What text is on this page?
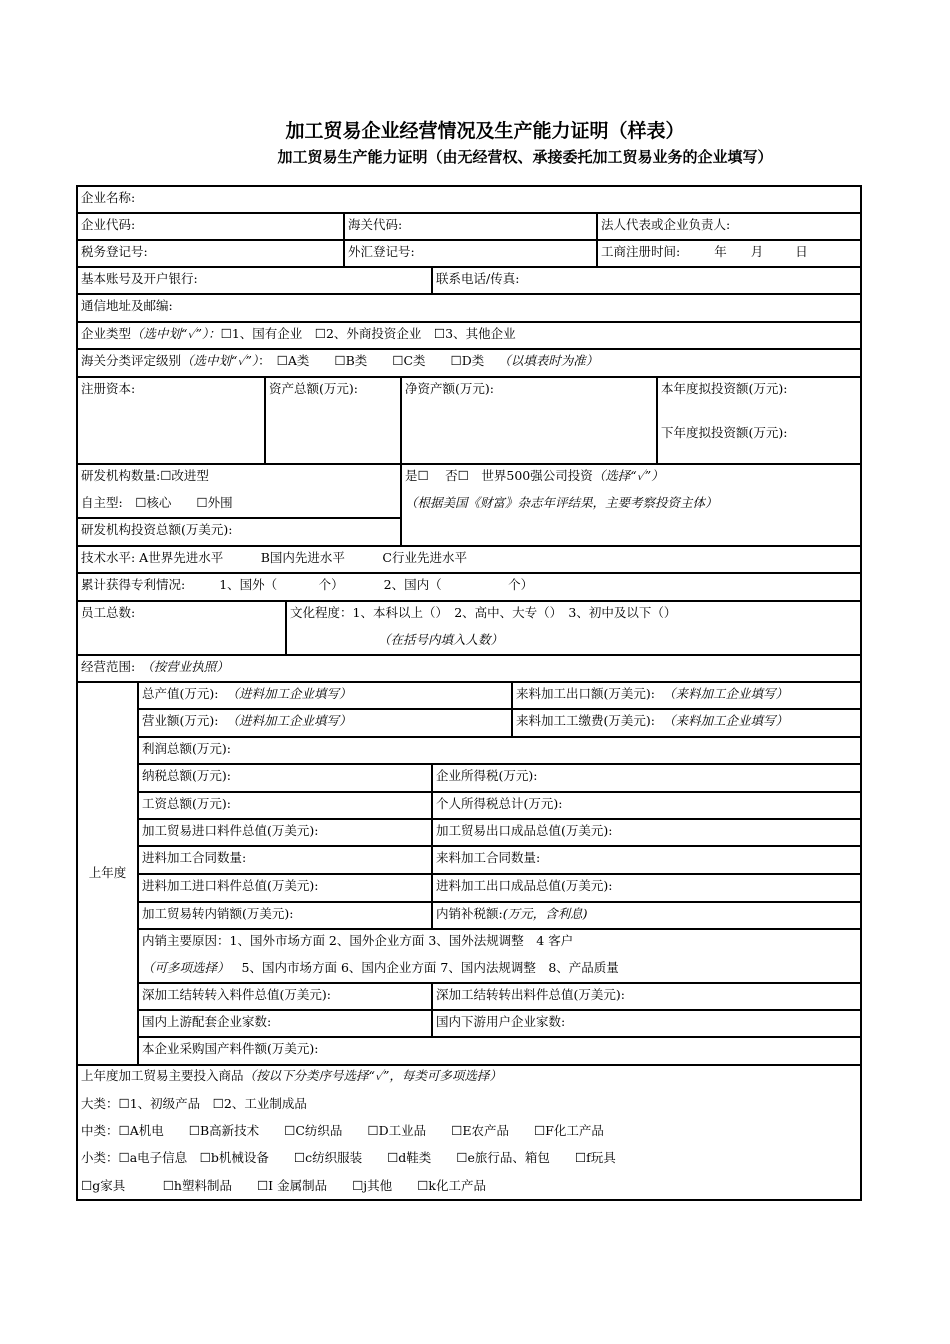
加工贸易企业经营情况及生产能力证明（样表）
加工贸易生产能力证明（由无经营权、承接委托加工贸易业务的企业填写）
企业名称:
企业代码:	海关代码:	法人代表或企业负责人:
税务登记号:	外汇登记号:	工商注册时间:	年 月	日
基本账号及开户银行:	联系电话/传真:
通信地址及邮编:
企业类型（选中划“✓”）：☐1、国有企业　☐2、外商投资企业　☐3、其他企业
海关分类评定级别（选中划“✓”）： ☐A类　　☐B类　　☐C类　　☐D类 （以填表时为准）
注册资本:	资产总额(万元):	净资产额(万元):	本年度拟投资额(万元):
下年度拟投资额(万元):
研发机构数量:☐改进型
自主型:　☐核心　　☐外围
研发机构投资总额(万美元):
是☐　 否☐　世界500强公司投资（选择“✓”）
（根据美国《财富》杂志年评结果，主要考察投资主体）
技术水平: A世界先进水平　　　B国内先进水平　　　C行业先进水平
累计获得专利情况:	1、国外（　　　 个）	2、国内（　　　　　 个）
员工总数:	文化程度：1、本科以上（）　2、高中、大专（）　3、初中及以下（）
（在括号内填入人数）
经营范围: （按营业执照）
上年度
总产值(万元): （进料加工企业填写）	来料加工出口额(万美元): （来料加工企业填写）
营业额(万元): （进料加工企业填写）	来料加工工缴费(万美元): （来料加工企业填写）
利润总额(万元):
纳税总额(万元):	企业所得税(万元):
工资总额(万元):	个人所得税总计(万元):
加工贸易进口料件总值(万美元):	加工贸易出口成品总值(万美元):
进料加工合同数量:	来料加工合同数量:
进料加工进口料件总值(万美元):	进料加工出口成品总值(万美元):
加工贸易转内销额(万美元):	内销补税额:(万元，含利息)
内销主要原因：1、国外市场方面 2、国外企业方面 3、国外法规调整　4 客户
（可多项选择） 5、国内市场方面 6、国内企业方面 7、国内法规调整　8、产品质量
深加工结转转入料件总值(万美元):	深加工结转转出料件总值(万美元):
国内上游配套企业家数:	国内下游用户企业家数:
本企业采购国产料件额(万美元):
上年度加工贸易主要投入商品（按以下分类序号选择“✓”，每类可多项选择）
大类：☐1、初级产品　☐2、工业制成品
中类：☐A机电　　☐B高新技术　　☐C纺织品　　☐D工业品　　☐E农产品　　☐F化工产品
小类：☐a电子信息　☐b机械设备　　☐c纺织服装　　☐d鞋类　　☐e旅行品、箱包　　☐f玩具
☐g家具　　　☐h塑料制品　　☐I 金属制品　　☐j其他　　☐k化工产品
